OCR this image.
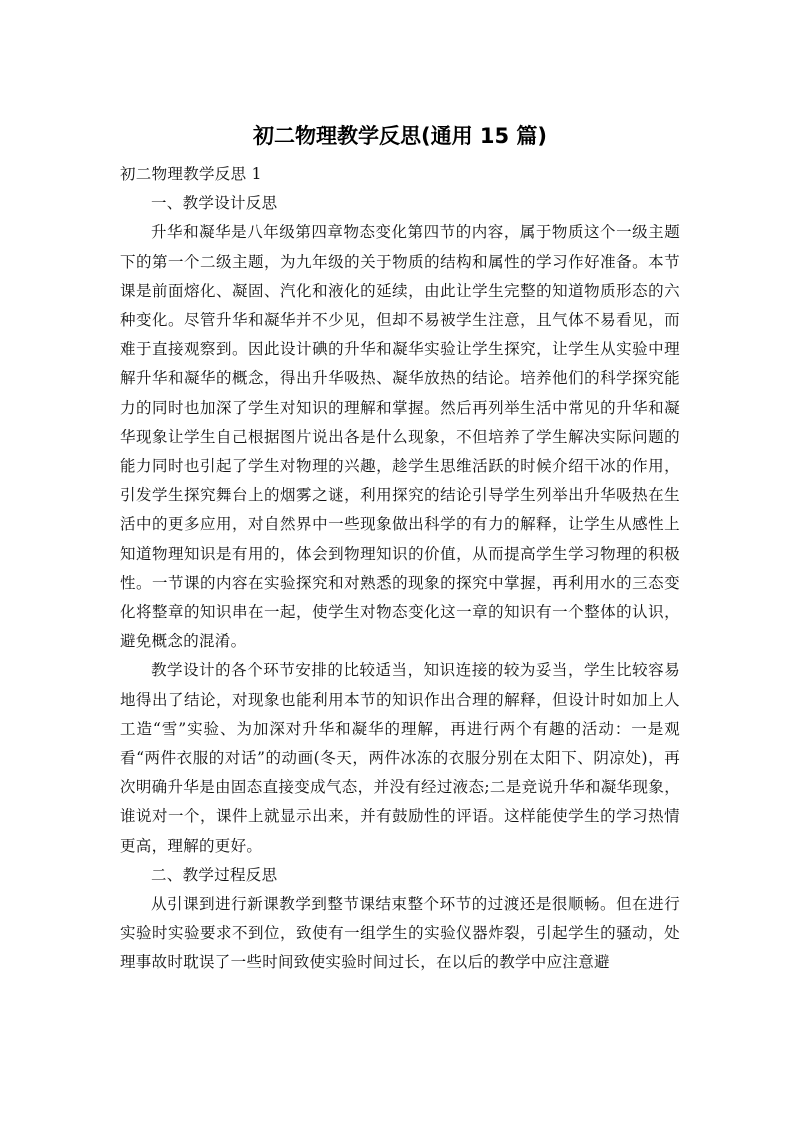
初二物理教学反思(通用 15 篇)

初二物理教学反思 1

一、教学设计反思

升华和凝华是八年级第四章物态变化第四节的内容，属于物质这个一级主题下的第一个二级主题，为九年级的关于物质的结构和属性的学习作好准备。本节课是前面熔化、凝固、汽化和液化的延续，由此让学生完整的知道物质形态的六种变化。尽管升华和凝华并不少见，但却不易被学生注意，且气体不易看见，而难于直接观察到。因此设计碘的升华和凝华实验让学生探究，让学生从实验中理解升华和凝华的概念，得出升华吸热、凝华放热的结论。培养他们的科学探究能力的同时也加深了学生对知识的理解和掌握。然后再列举生活中常见的升华和凝华现象让学生自己根据图片说出各是什么现象，不但培养了学生解决实际问题的能力同时也引起了学生对物理的兴趣，趁学生思维活跃的时候介绍干冰的作用，引发学生探究舞台上的烟雾之谜，利用探究的结论引导学生列举出升华吸热在生活中的更多应用，对自然界中一些现象做出科学的有力的解释，让学生从感性上知道物理知识是有用的，体会到物理知识的价值，从而提高学生学习物理的积极性。一节课的内容在实验探究和对熟悉的现象的探究中掌握，再利用水的三态变化将整章的知识串在一起，使学生对物态变化这一章的知识有一个整体的认识，避免概念的混淆。

教学设计的各个环节安排的比较适当，知识连接的较为妥当，学生比较容易地得出了结论，对现象也能利用本节的知识作出合理的解释，但设计时如加上人工造“雪”实验、为加深对升华和凝华的理解，再进行两个有趣的活动：一是观看“两件衣服的对话”的动画(冬天，两件冰冻的衣服分别在太阳下、阴凉处)，再次明确升华是由固态直接变成气态，并没有经过液态;二是竞说升华和凝华现象，谁说对一个，课件上就显示出来，并有鼓励性的评语。这样能使学生的学习热情更高，理解的更好。

二、教学过程反思

从引课到进行新课教学到整节课结束整个环节的过渡还是很顺畅。但在进行实验时实验要求不到位，致使有一组学生的实验仪器炸裂，引起学生的骚动，处理事故时耽误了一些时间致使实验时间过长，在以后的教学中应注意避
